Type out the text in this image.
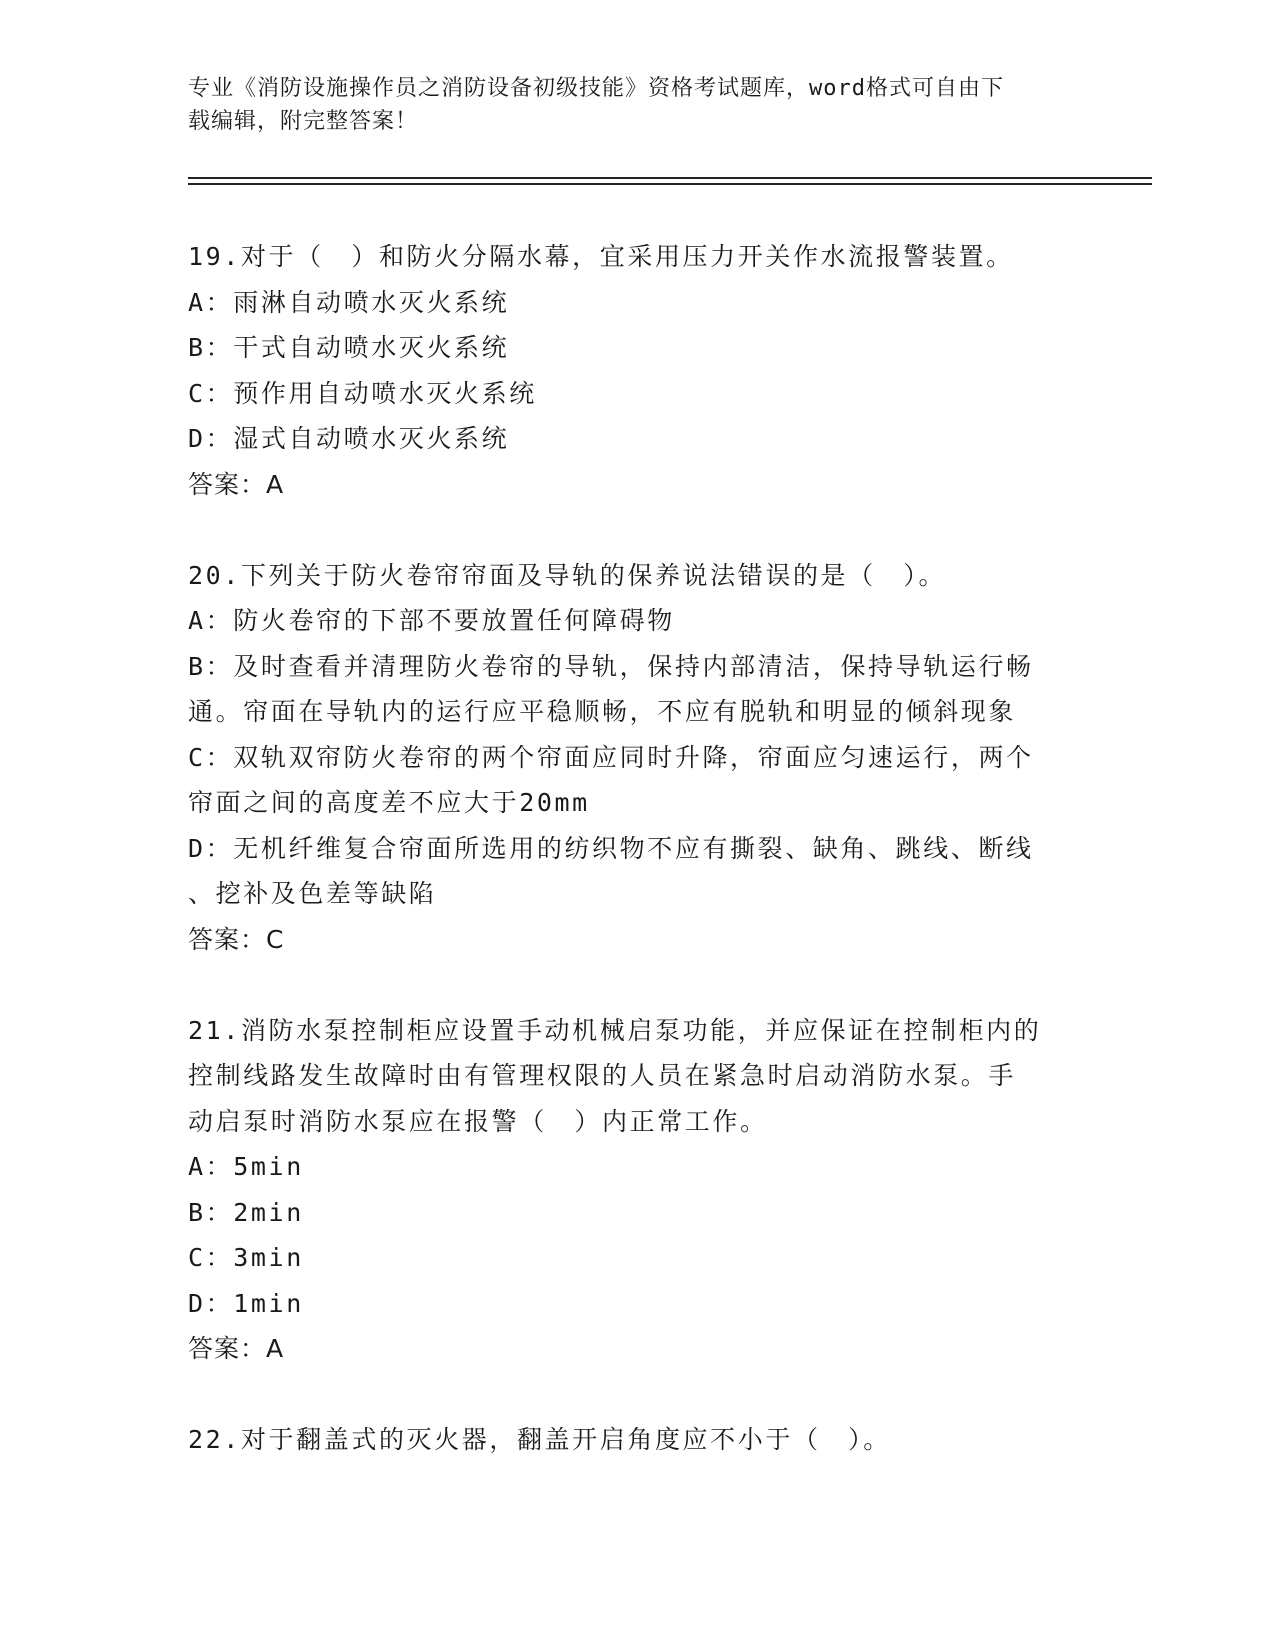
专业《消防设施操作员之消防设备初级技能》资格考试题库，word格式可自由下
载编辑，附完整答案！
19.对于（　）和防火分隔水幕，宜采用压力开关作水流报警装置。
A：雨淋自动喷水灭火系统
B：干式自动喷水灭火系统
C：预作用自动喷水灭火系统
D：湿式自动喷水灭火系统
答案：A
20.下列关于防火卷帘帘面及导轨的保养说法错误的是（　）。
A：防火卷帘的下部不要放置任何障碍物
B：及时查看并清理防火卷帘的导轨，保持内部清洁，保持导轨运行畅
通。帘面在导轨内的运行应平稳顺畅，不应有脱轨和明显的倾斜现象
C：双轨双帘防火卷帘的两个帘面应同时升降，帘面应匀速运行，两个
帘面之间的高度差不应大于20mm
D：无机纤维复合帘面所选用的纺织物不应有撕裂、缺角、跳线、断线
、挖补及色差等缺陷
答案：C
21.消防水泵控制柜应设置手动机械启泵功能，并应保证在控制柜内的
控制线路发生故障时由有管理权限的人员在紧急时启动消防水泵。手
动启泵时消防水泵应在报警（　）内正常工作。
A：5min
B：2min
C：3min
D：1min
答案：A
22.对于翻盖式的灭火器，翻盖开启角度应不小于（　）。
